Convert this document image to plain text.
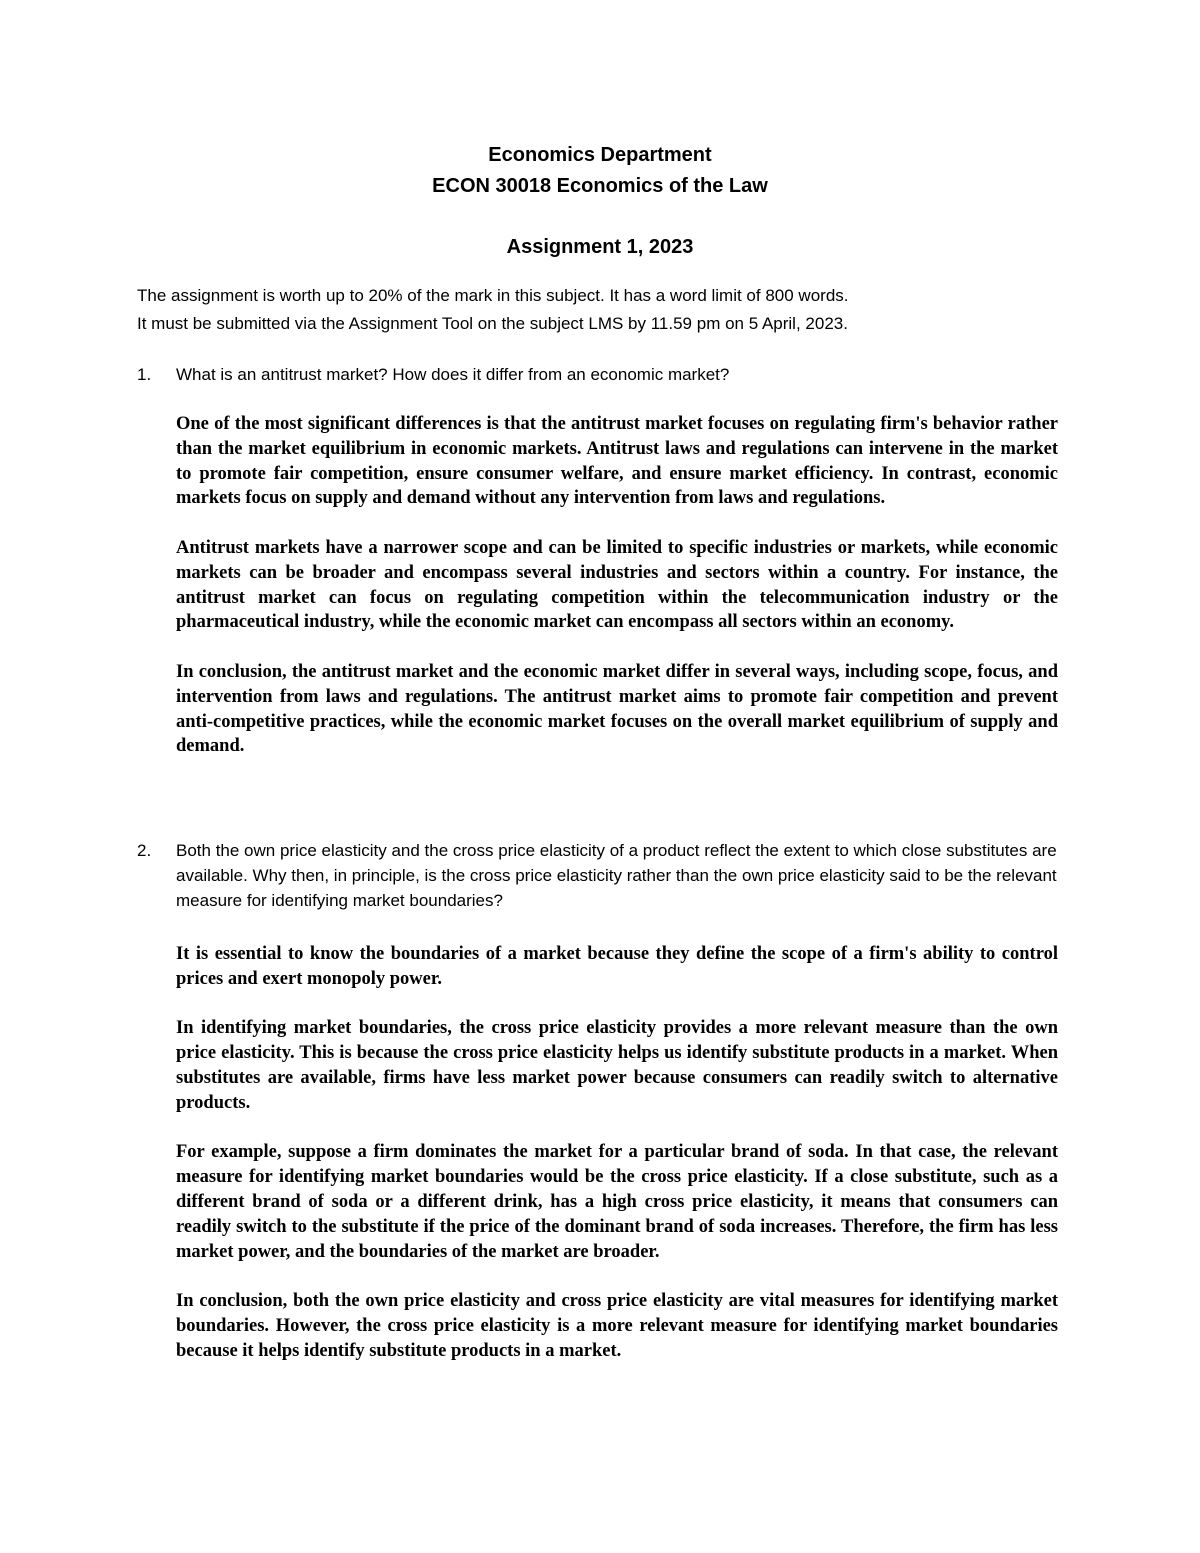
Economics Department
ECON 30018 Economics of the Law
Assignment 1, 2023
The assignment is worth up to 20% of the mark in this subject. It has a word limit of 800 words.
It must be submitted via the Assignment Tool on the subject LMS by 11.59 pm on 5 April, 2023.
1.	What is an antitrust market? How does it differ from an economic market?

One of the most significant differences is that the antitrust market focuses on regulating firm's behavior rather than the market equilibrium in economic markets. Antitrust laws and regulations can intervene in the market to promote fair competition, ensure consumer welfare, and ensure market efficiency. In contrast, economic markets focus on supply and demand without any intervention from laws and regulations.

Antitrust markets have a narrower scope and can be limited to specific industries or markets, while economic markets can be broader and encompass several industries and sectors within a country. For instance, the antitrust market can focus on regulating competition within the telecommunication industry or the pharmaceutical industry, while the economic market can encompass all sectors within an economy.

In conclusion, the antitrust market and the economic market differ in several ways, including scope, focus, and intervention from laws and regulations. The antitrust market aims to promote fair competition and prevent anti-competitive practices, while the economic market focuses on the overall market equilibrium of supply and demand.

2.	Both the own price elasticity and the cross price elasticity of a product reflect the extent to which close substitutes are available. Why then, in principle, is the cross price elasticity rather than the own price elasticity said to be the relevant measure for identifying market boundaries?

It is essential to know the boundaries of a market because they define the scope of a firm's ability to control prices and exert monopoly power.

In identifying market boundaries, the cross price elasticity provides a more relevant measure than the own price elasticity. This is because the cross price elasticity helps us identify substitute products in a market. When substitutes are available, firms have less market power because consumers can readily switch to alternative products.

For example, suppose a firm dominates the market for a particular brand of soda. In that case, the relevant measure for identifying market boundaries would be the cross price elasticity. If a close substitute, such as a different brand of soda or a different drink, has a high cross price elasticity, it means that consumers can readily switch to the substitute if the price of the dominant brand of soda increases. Therefore, the firm has less market power, and the boundaries of the market are broader.

In conclusion, both the own price elasticity and cross price elasticity are vital measures for identifying market boundaries. However, the cross price elasticity is a more relevant measure for identifying market boundaries because it helps identify substitute products in a market.
